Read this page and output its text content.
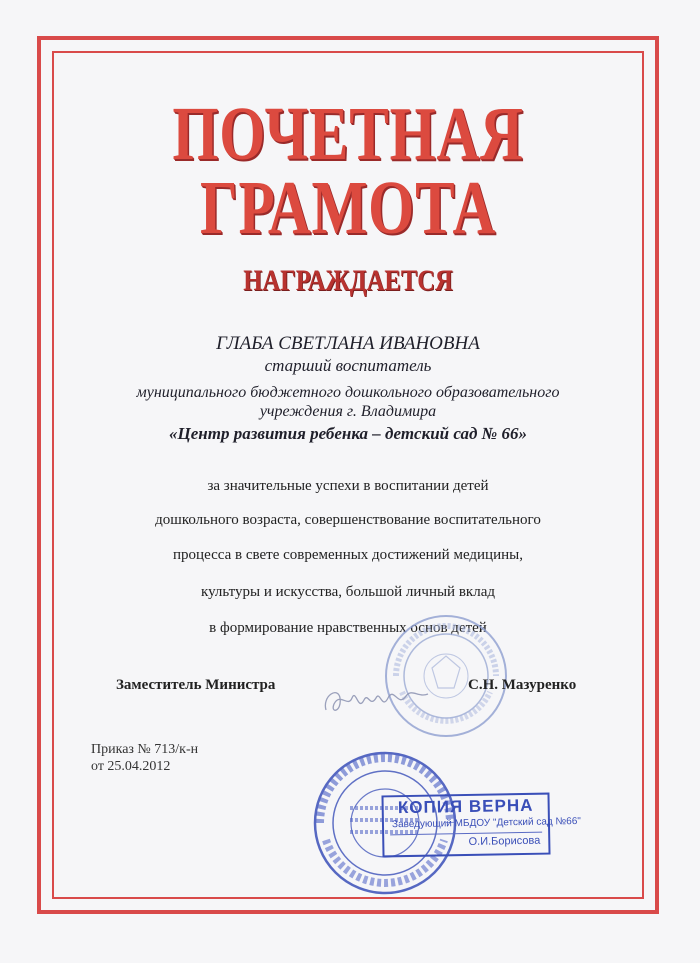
ПОЧЕТНАЯ
ГРАМОТА
НАГРАЖДАЕТСЯ
ГЛАБА СВЕТЛАНА ИВАНОВНА
старший воспитатель
муниципального бюджетного дошкольного образовательного
учреждения г. Владимира
«Центр развития ребенка – детский сад № 66»
за значительные успехи в воспитании детей
дошкольного возраста, совершенствование воспитательного
процесса в свете современных достижений медицины,
культуры и искусства, большой личный вклад
в формирование нравственных основ детей
Заместитель Министра	С.Н. Мазуренко
Приказ № 713/к-н
от 25.04.2012
КОПИЯ ВЕРНА
Заведующий МБДОУ "Детский сад №66"
О.И.Борисова
